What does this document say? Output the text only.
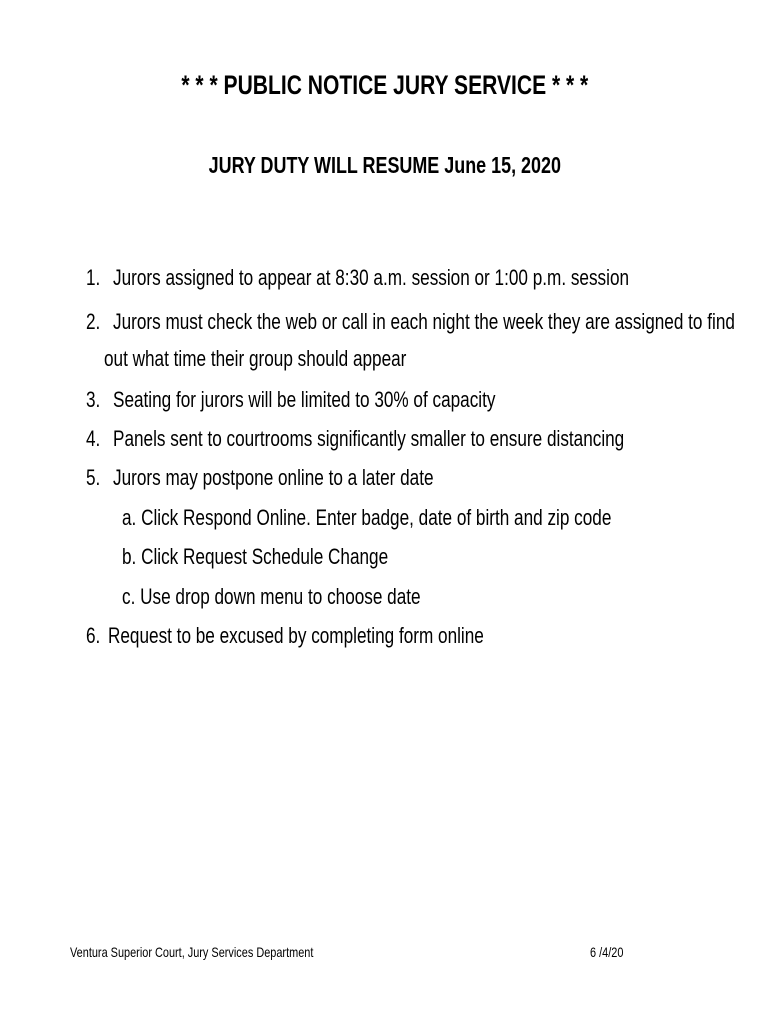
* * * PUBLIC NOTICE JURY SERVICE * * *
JURY DUTY WILL RESUME June 15, 2020
1. Jurors assigned to appear at 8:30 a.m. session or 1:00 p.m. session
2. Jurors must check the web or call in each night the week they are assigned to find
out what time their group should appear
3. Seating for jurors will be limited to 30% of capacity
4. Panels sent to courtrooms significantly smaller to ensure distancing
5. Jurors may postpone online to a later date
a. Click Respond Online. Enter badge, date of birth and zip code
b. Click Request Schedule Change
c. Use drop down menu to choose date
6. Request to be excused by completing form online
Ventura Superior Court, Jury Services Department	6 /4/20
